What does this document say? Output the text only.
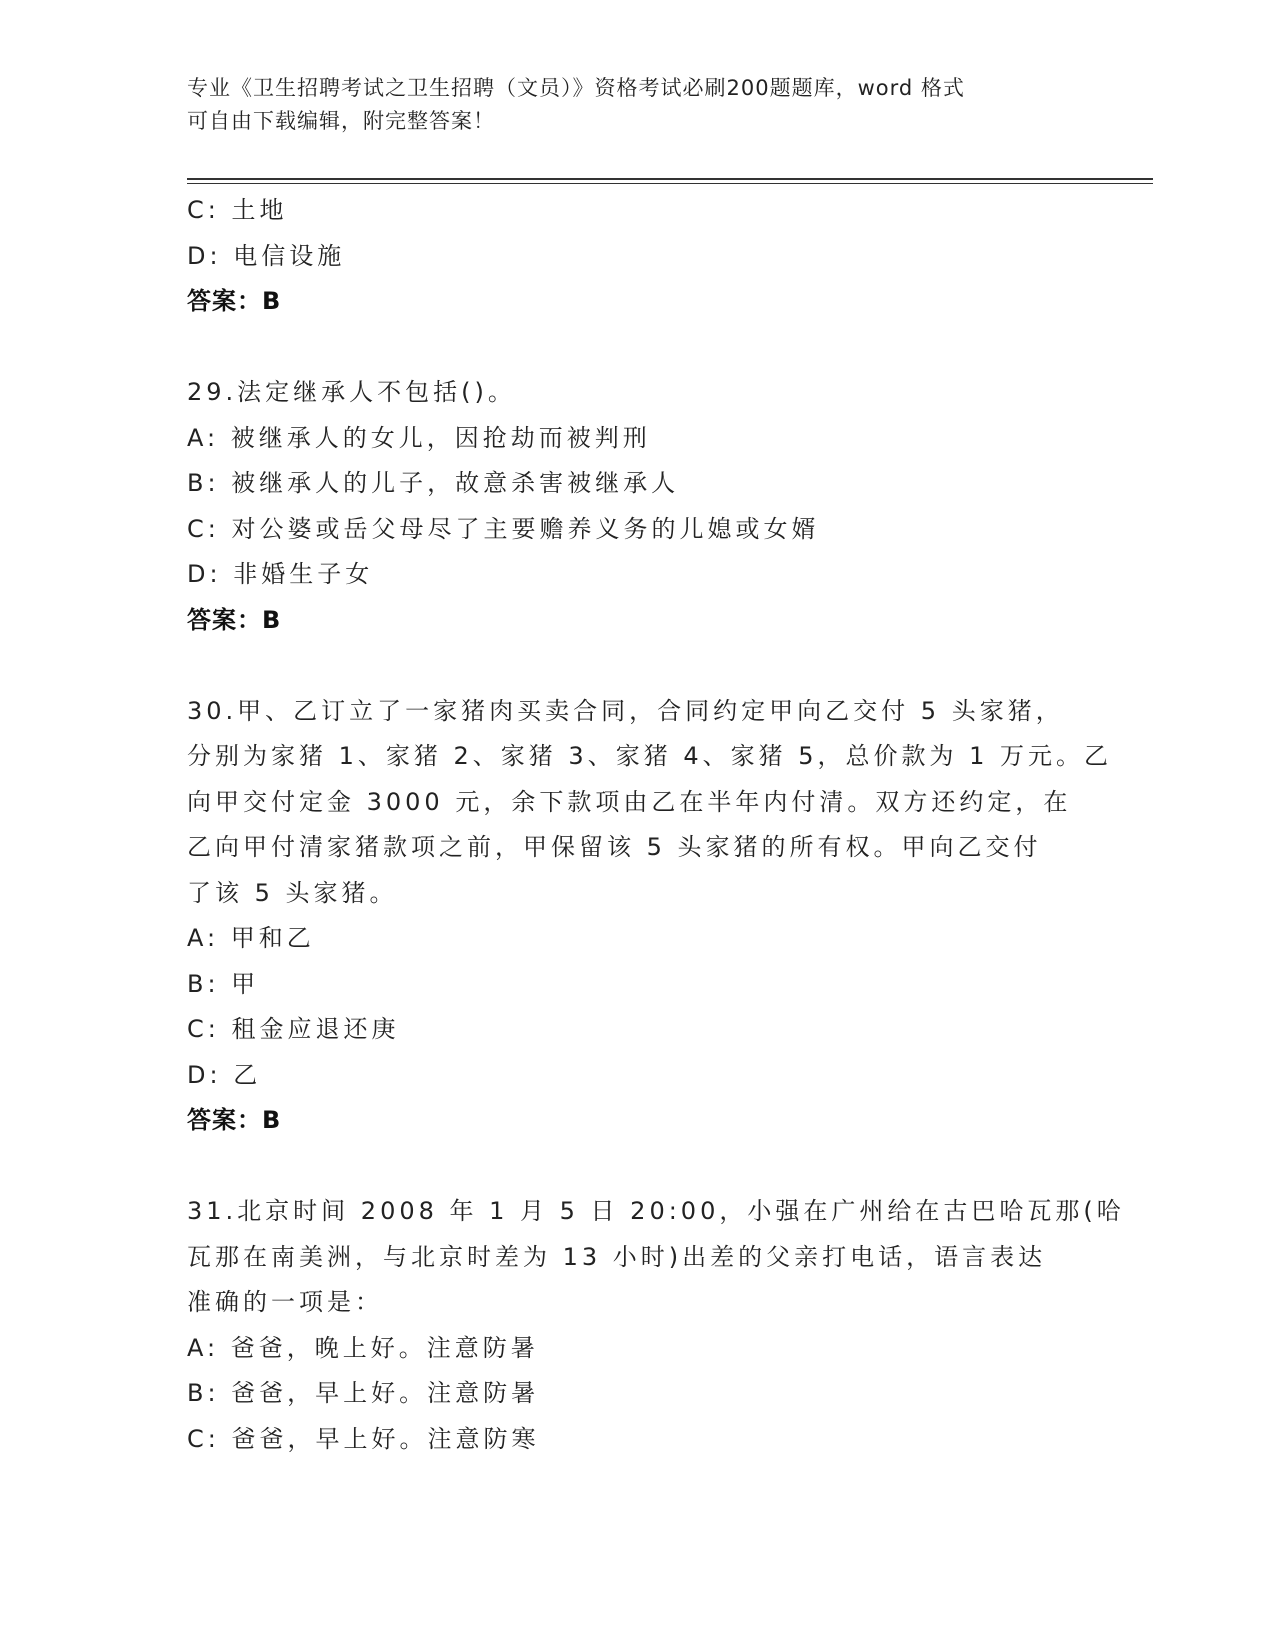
专业《卫生招聘考试之卫生招聘（文员）》资格考试必刷200题题库，word 格式
可自由下载编辑，附完整答案！
C: 土地
D: 电信设施
答案：B
29.法定继承人不包括()。
A: 被继承人的女儿，因抢劫而被判刑
B: 被继承人的儿子，故意杀害被继承人
C: 对公婆或岳父母尽了主要赡养义务的儿媳或女婿
D: 非婚生子女
答案：B
30.甲、乙订立了一家猪肉买卖合同，合同约定甲向乙交付 5 头家猪，
分别为家猪 1、家猪 2、家猪 3、家猪 4、家猪 5，总价款为 1 万元。乙
向甲交付定金 3000 元，余下款项由乙在半年内付清。双方还约定，在
乙向甲付清家猪款项之前，甲保留该 5 头家猪的所有权。甲向乙交付
了该 5 头家猪。
A: 甲和乙
B: 甲
C: 租金应退还庚
D: 乙
答案：B
31.北京时间 2008 年 1 月 5 日 20:00，小强在广州给在古巴哈瓦那(哈
瓦那在南美洲，与北京时差为 13 小时)出差的父亲打电话，语言表达
准确的一项是：
A: 爸爸，晚上好。注意防暑
B: 爸爸，早上好。注意防暑
C: 爸爸，早上好。注意防寒
